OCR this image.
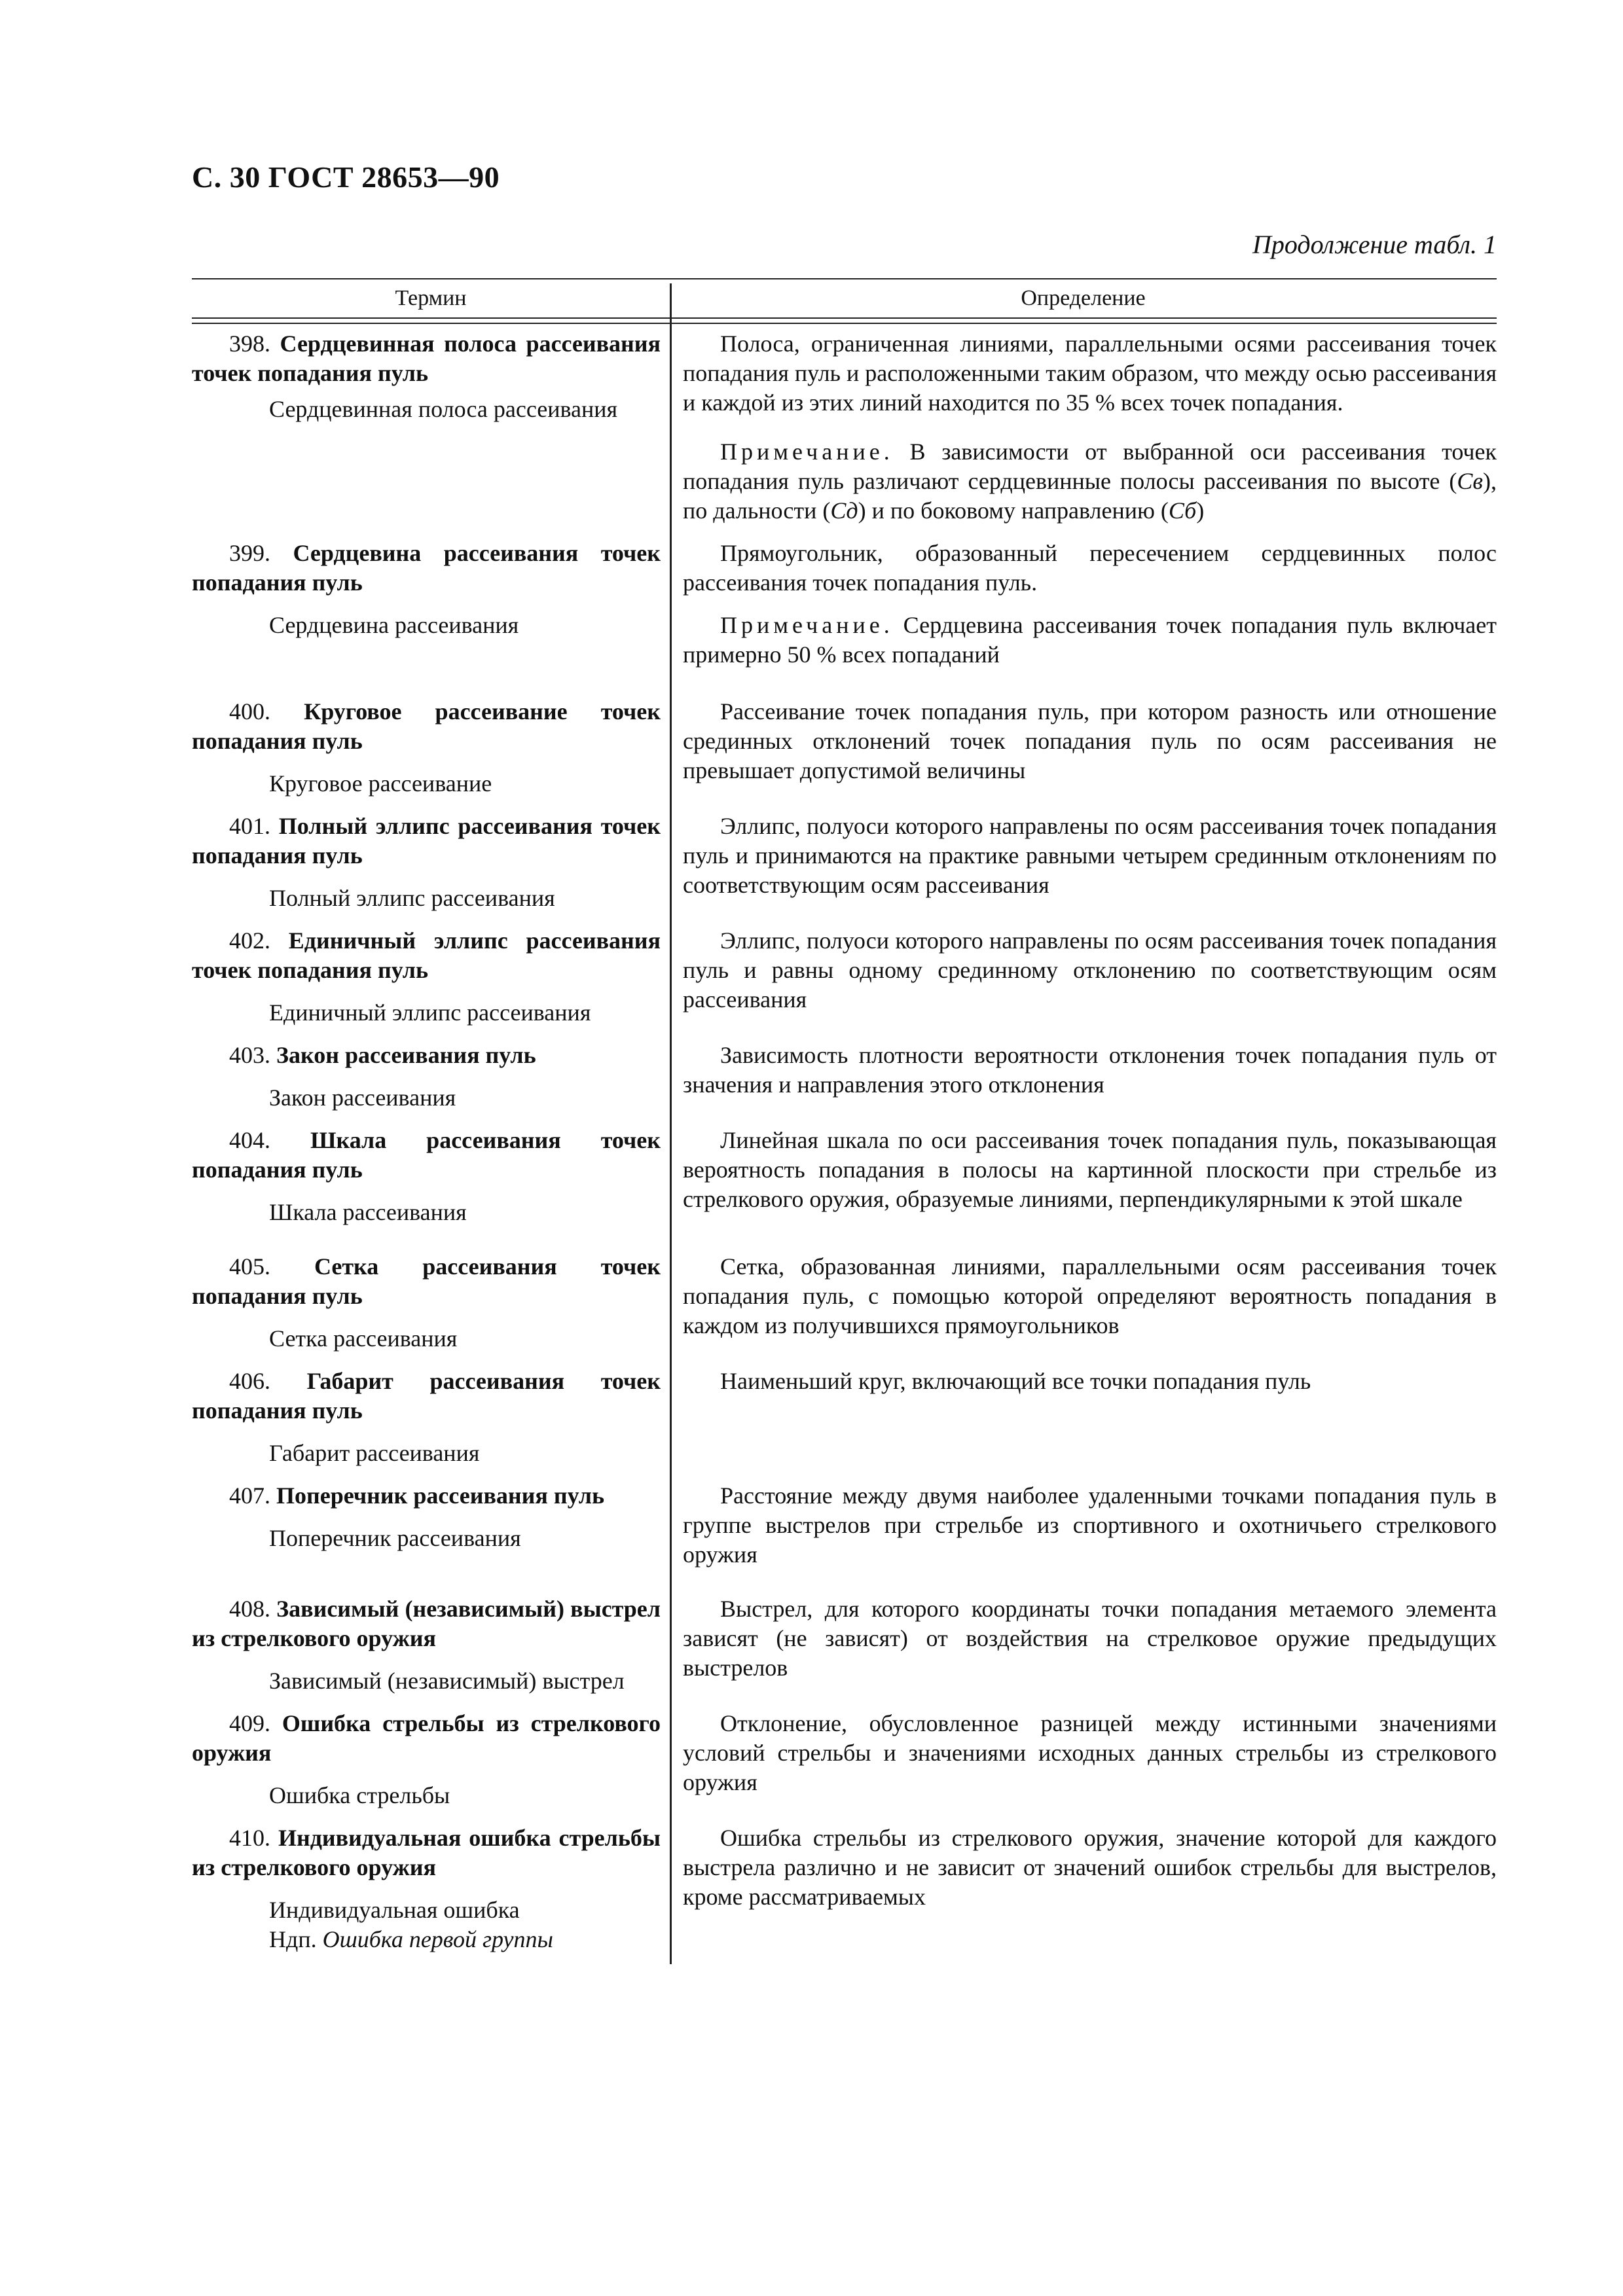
С. 30 ГОСТ 28653—90
Продолжение табл. 1
Термин	Определение

398. Сердцевинная полоса рассеивания точек попадания пуль

Сердцевинная полоса рассеивания

Полоса, ограниченная линиями, параллельными осями рассеивания точек попадания пуль и расположенными таким образом, что между осью рассеивания и каждой из этих линий находится по 35 % всех точек попадания.

Примечание. В зависимости от выбранной оси рассеивания точек попадания пуль различают сердцевинные полосы рассеивания по высоте (Св), по дальности (Сд) и по боковому направлению (Сб)

399. Сердцевина рассеивания точек попадания пуль

Сердцевина рассеивания

Прямоугольник, образованный пересечением сердцевинных полос рассеивания точек попадания пуль.

Примечание. Сердцевина рассеивания точек попадания пуль включает примерно 50 % всех попаданий

400. Круговое рассеивание точек попадания пуль

Круговое рассеивание

Рассеивание точек попадания пуль, при котором разность или отношение срединных отклонений точек попадания пуль по осям рассеивания не превышает допустимой величины

401. Полный эллипс рассеивания точек попадания пуль

Полный эллипс рассеивания

Эллипс, полуоси которого направлены по осям рассеивания точек попадания пуль и принимаются на практике равными четырем срединным отклонениям по соответствующим осям рассеивания

402. Единичный эллипс рассеивания точек попадания пуль

Единичный эллипс рассеивания

Эллипс, полуоси которого направлены по осям рассеивания точек попадания пуль и равны одному срединному отклонению по соответствующим осям рассеивания

403. Закон рассеивания пуль

Закон рассеивания

Зависимость плотности вероятности отклонения точек попадания пуль от значения и направления этого отклонения

404. Шкала рассеивания точек попадания пуль

Шкала рассеивания

Линейная шкала по оси рассеивания точек попадания пуль, показывающая вероятность попадания в полосы на картинной плоскости при стрельбе из стрелкового оружия, образуемые линиями, перпендикулярными к этой шкале

405. Сетка рассеивания точек попадания пуль

Сетка рассеивания

Сетка, образованная линиями, параллельными осям рассеивания точек попадания пуль, с помощью которой определяют вероятность попадания в каждом из получившихся прямоугольников

406. Габарит рассеивания точек попадания пуль

Габарит рассеивания

Наименьший круг, включающий все точки попадания пуль

407. Поперечник рассеивания пуль

Поперечник рассеивания

Расстояние между двумя наиболее удаленными точками попадания пуль в группе выстрелов при стрельбе из спортивного и охотничьего стрелкового оружия

408. Зависимый (независимый) выстрел из стрелкового оружия

Зависимый (независимый) выстрел

Выстрел, для которого координаты точки попадания метаемого элемента зависят (не зависят) от воздействия на стрелковое оружие предыдущих выстрелов

409. Ошибка стрельбы из стрелкового оружия

Ошибка стрельбы

Отклонение, обусловленное разницей между истинными значениями условий стрельбы и значениями исходных данных стрельбы из стрелкового оружия

410. Индивидуальная ошибка стрельбы из стрелкового оружия

Индивидуальная ошибка

Ндп. Ошибка первой группы

Ошибка стрельбы из стрелкового оружия, значение которой для каждого выстрела различно и не зависит от значений ошибок стрельбы для выстрелов, кроме рассматриваемых
